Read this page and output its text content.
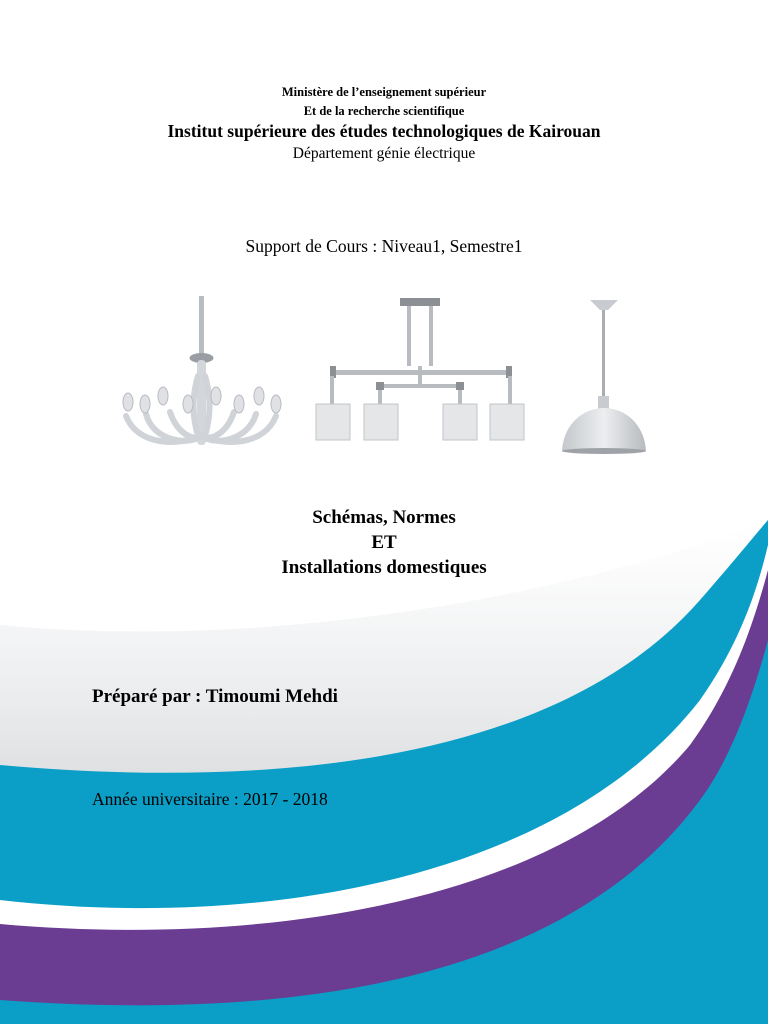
Ministère de l’enseignement supérieur
Et de la recherche scientifique
Institut supérieure des études technologiques de Kairouan
Département génie électrique
Support de Cours : Niveau1, Semestre1
Schémas, Normes
ET
Installations domestiques
Préparé par : Timoumi Mehdi
Année universitaire : 2017 - 2018
